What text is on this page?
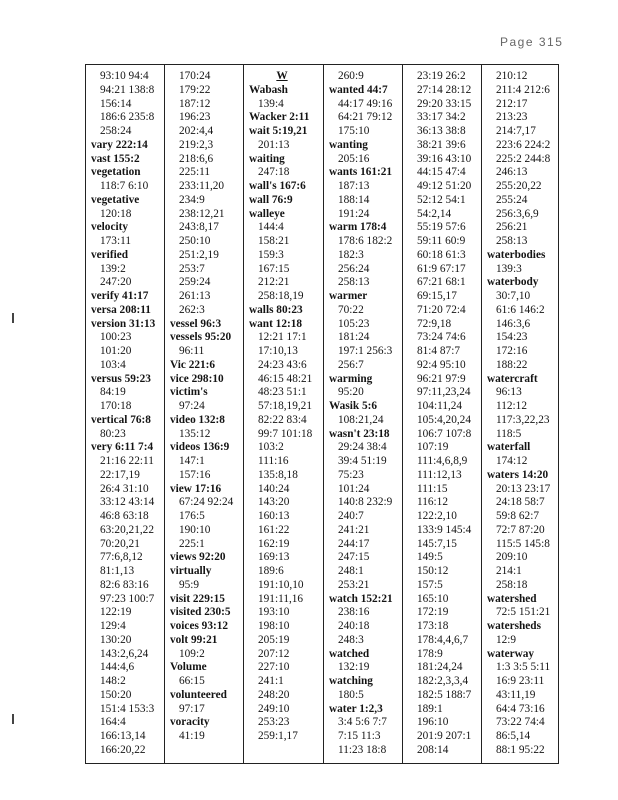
Page 315
93:10 94:4
94:21 138:8
156:14
186:6 235:8
258:24
vary 222:14
vast 155:2
vegetation
118:7 6:10
vegetative
120:18
velocity
173:11
verified
139:2
247:20
verify 41:17
versa 208:11
version 31:13
100:23
101:20
103:4
versus 59:23
84:19
170:18
vertical 76:8
80:23
very 6:11 7:4
21:16 22:11
22:17,19
26:4 31:10
33:12 43:14
46:8 63:18
63:20,21,22
70:20,21
77:6,8,12
81:1,13
82:6 83:16
97:23 100:7
122:19
129:4
130:20
143:2,6,24
144:4,6
148:2
150:20
151:4 153:3
164:4
166:13,14
166:20,22
170:24
179:22
187:12
196:23
202:4,4
219:2,3
218:6,6
225:11
233:11,20
234:9
238:12,21
243:8,17
250:10
251:2,19
253:7
259:24
261:13
262:3
vessel 96:3
vessels 95:20
96:11
Vic 221:6
vice 298:10
victim's
97:24
video 132:8
135:12
videos 136:9
147:1
157:16
view 17:16
67:24 92:24
176:5
190:10
225:1
views 92:20
virtually
95:9
visit 229:15
visited 230:5
voices 93:12
volt 99:21
109:2
Volume
66:15
volunteered
97:17
voracity
41:19
W
Wabash
139:4
Wacker 2:11
wait 5:19,21
201:13
waiting
247:18
wall's 167:6
wall 76:9
walleye
144:4
158:21
159:3
167:15
212:21
258:18,19
walls 80:23
want 12:18
12:21 17:1
17:10,13
24:23 43:6
46:15 48:21
48:23 51:1
57:18,19,21
82:22 83:4
99:7 101:18
103:2
111:16
135:8,18
140:24
143:20
160:13
161:22
162:19
169:13
189:6
191:10,10
191:11,16
193:10
198:10
205:19
207:12
227:10
241:1
248:20
249:10
253:23
259:1,17
260:9
wanted 44:7
44:17 49:16
64:21 79:12
175:10
wanting
205:16
wants 161:21
187:13
188:14
191:24
warm 178:4
178:6 182:2
182:3
256:24
258:13
warmer
70:22
105:23
181:24
197:1 256:3
256:7
warming
95:20
Wasik 5:6
108:21,24
wasn't 23:18
29:24 38:4
39:4 51:19
75:23
101:24
140:8 232:9
240:7
241:21
244:17
247:15
248:1
253:21
watch 152:21
238:16
240:18
248:3
watched
132:19
watching
180:5
water 1:2,3
3:4 5:6 7:7
7:15 11:3
11:23 18:8
23:19 26:2
27:14 28:12
29:20 33:15
33:17 34:2
36:13 38:8
38:21 39:6
39:16 43:10
44:15 47:4
49:12 51:20
52:12 54:1
54:2,14
55:19 57:6
59:11 60:9
60:18 61:3
61:9 67:17
67:21 68:1
69:15,17
71:20 72:4
72:9,18
73:24 74:6
81:4 87:7
92:4 95:10
96:21 97:9
97:11,23,24
104:11,24
105:4,20,24
106:7 107:8
107:19
111:4,6,8,9
111:12,13
111:15
116:12
122:2,10
133:9 145:4
145:7,15
149:5
150:12
157:5
165:10
172:19
173:18
178:4,4,6,7
178:9
181:24,24
182:2,3,3,4
182:5 188:7
189:1
196:10
201:9 207:1
208:14
210:12
211:4 212:6
212:17
213:23
214:7,17
223:6 224:2
225:2 244:8
246:13
255:20,22
255:24
256:3,6,9
256:21
258:13
waterbodies
139:3
waterbody
30:7,10
61:6 146:2
146:3,6
154:23
172:16
188:22
watercraft
96:13
112:12
117:3,22,23
118:5
waterfall
174:12
waters 14:20
20:13 23:17
24:18 58:7
59:8 62:7
72:7 87:20
115:5 145:8
209:10
214:1
258:18
watershed
72:5 151:21
watersheds
12:9
waterway
1:3 3:5 5:11
16:9 23:11
43:11,19
64:4 73:16
73:22 74:4
86:5,14
88:1 95:22
